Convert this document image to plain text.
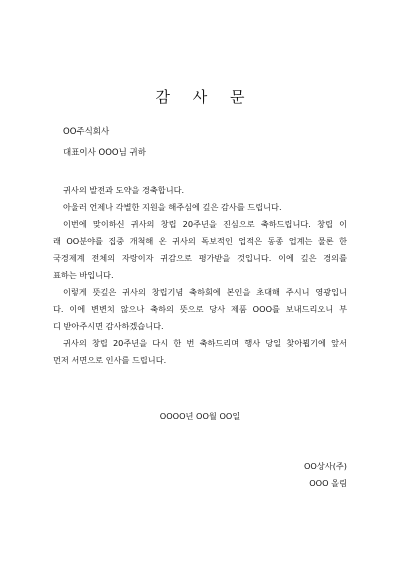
감 사 문
OO주식회사
대표이사 OOO님 귀하
귀사의 발전과 도약을 경축합니다.
아울러 언제나 각별한 지원을 해주심에 깊은 감사를 드립니다.
이번에 맞이하신 귀사의 창립 20주년을 진심으로 축하드립니다. 창립 이
래 OO분야를 집중 개척해 온 귀사의 독보적인 업적은 동종 업계는 물론 한
국경제계 전체의 자랑이자 귀감으로 평가받을 것입니다. 이에 깊은 경의를
표하는 바입니다.
이렇게 뜻깊은 귀사의 창립기념 축하회에 본인을 초대해 주시니 영광입니
다. 이에 변변치 않으나 축하의 뜻으로 당사 제품 OOO를 보내드리오니 부
디 받아주시면 감사하겠습니다.
귀사의 창립 20주년을 다시 한 번 축하드리며 행사 당일 찾아뵙기에 앞서
먼저 서면으로 인사를 드립니다.
OOOO년 OO월 OO일
OO상사(주)
OOO 올림
